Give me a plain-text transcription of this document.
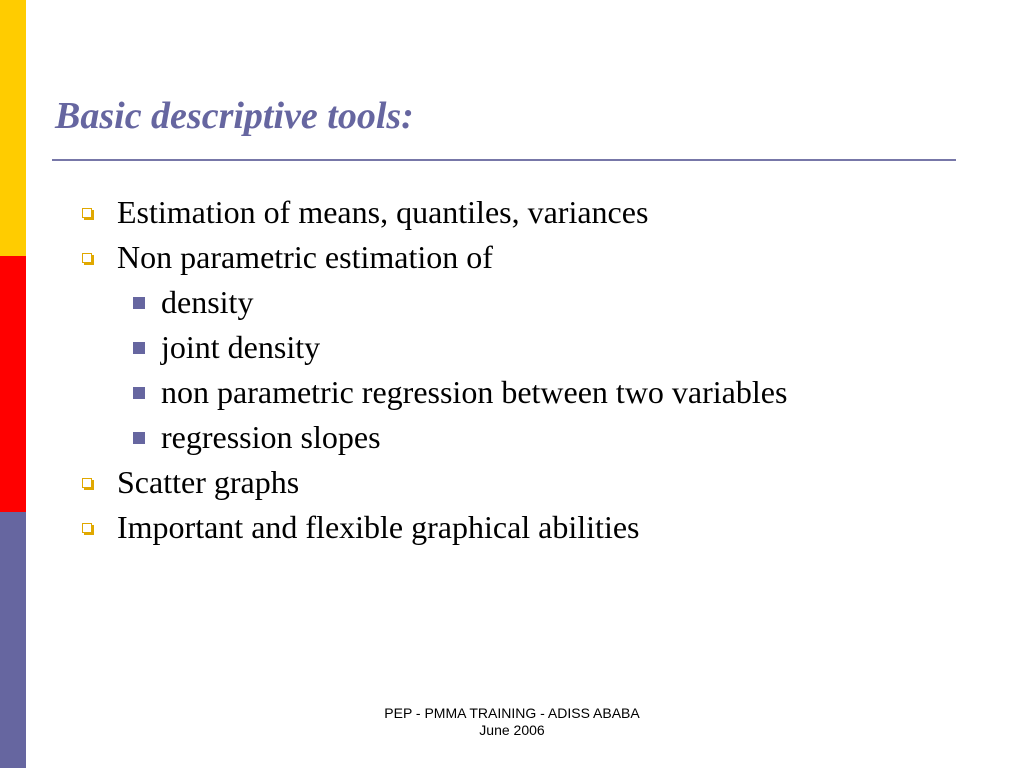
Basic descriptive tools:
Estimation of means, quantiles, variances
Non parametric estimation of
density
joint density
non parametric regression between two variables
regression slopes
Scatter graphs
Important and flexible graphical abilities
PEP - PMMA TRAINING - ADISS ABABA
June 2006
